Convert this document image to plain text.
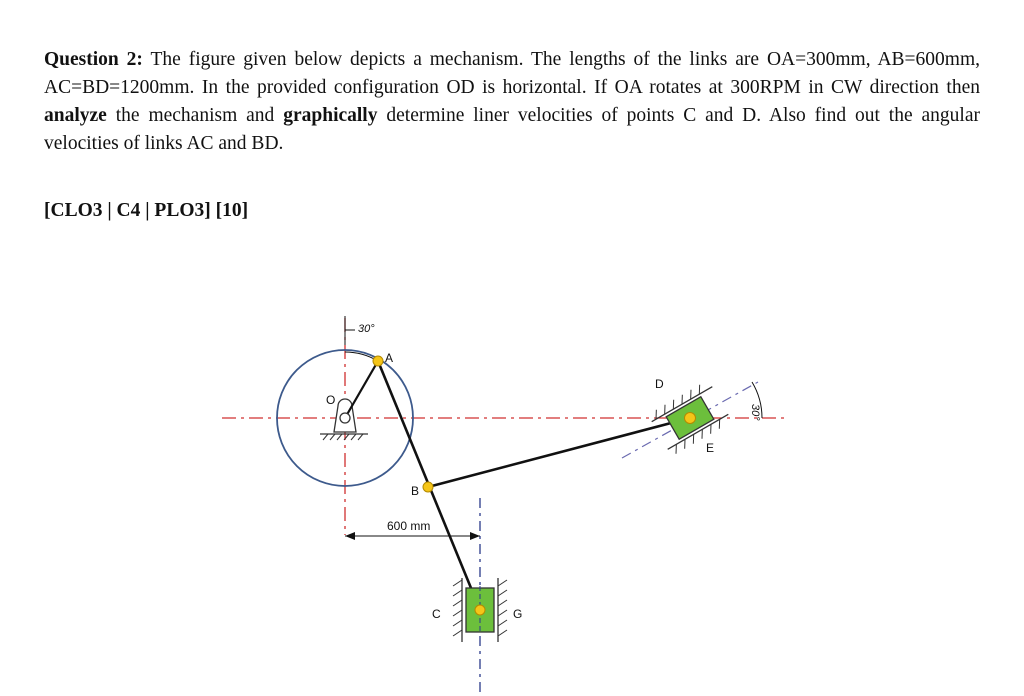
Question 2: The figure given below depicts a mechanism. The lengths of the links are OA=300mm, AB=600mm, AC=BD=1200mm. In the provided configuration OD is horizontal. If OA rotates at 300RPM in CW direction then analyze the mechanism and graphically determine liner velocities of points C and D. Also find out the angular velocities of links AC and BD.
[CLO3 | C4 | PLO3] [10]
30°
30°
600 mm
O
A
B
C
D
E
G
